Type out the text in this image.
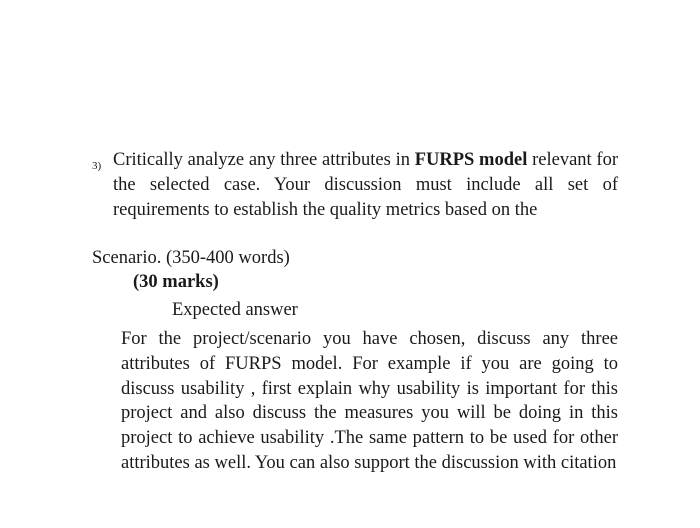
3) Critically analyze any three attributes in FURPS model relevant for the selected case. Your discussion must include all set of requirements to establish the quality metrics based on the

Scenario. (350-400 words)

(30 marks)

Expected answer

For the project/scenario you have chosen, discuss any three attributes of FURPS model. For example if you are going to discuss usability , first explain why usability is important for this project and also discuss the measures you will be doing in this project to achieve usability .The same pattern to be used for other attributes as well. You can also support the discussion with citation
